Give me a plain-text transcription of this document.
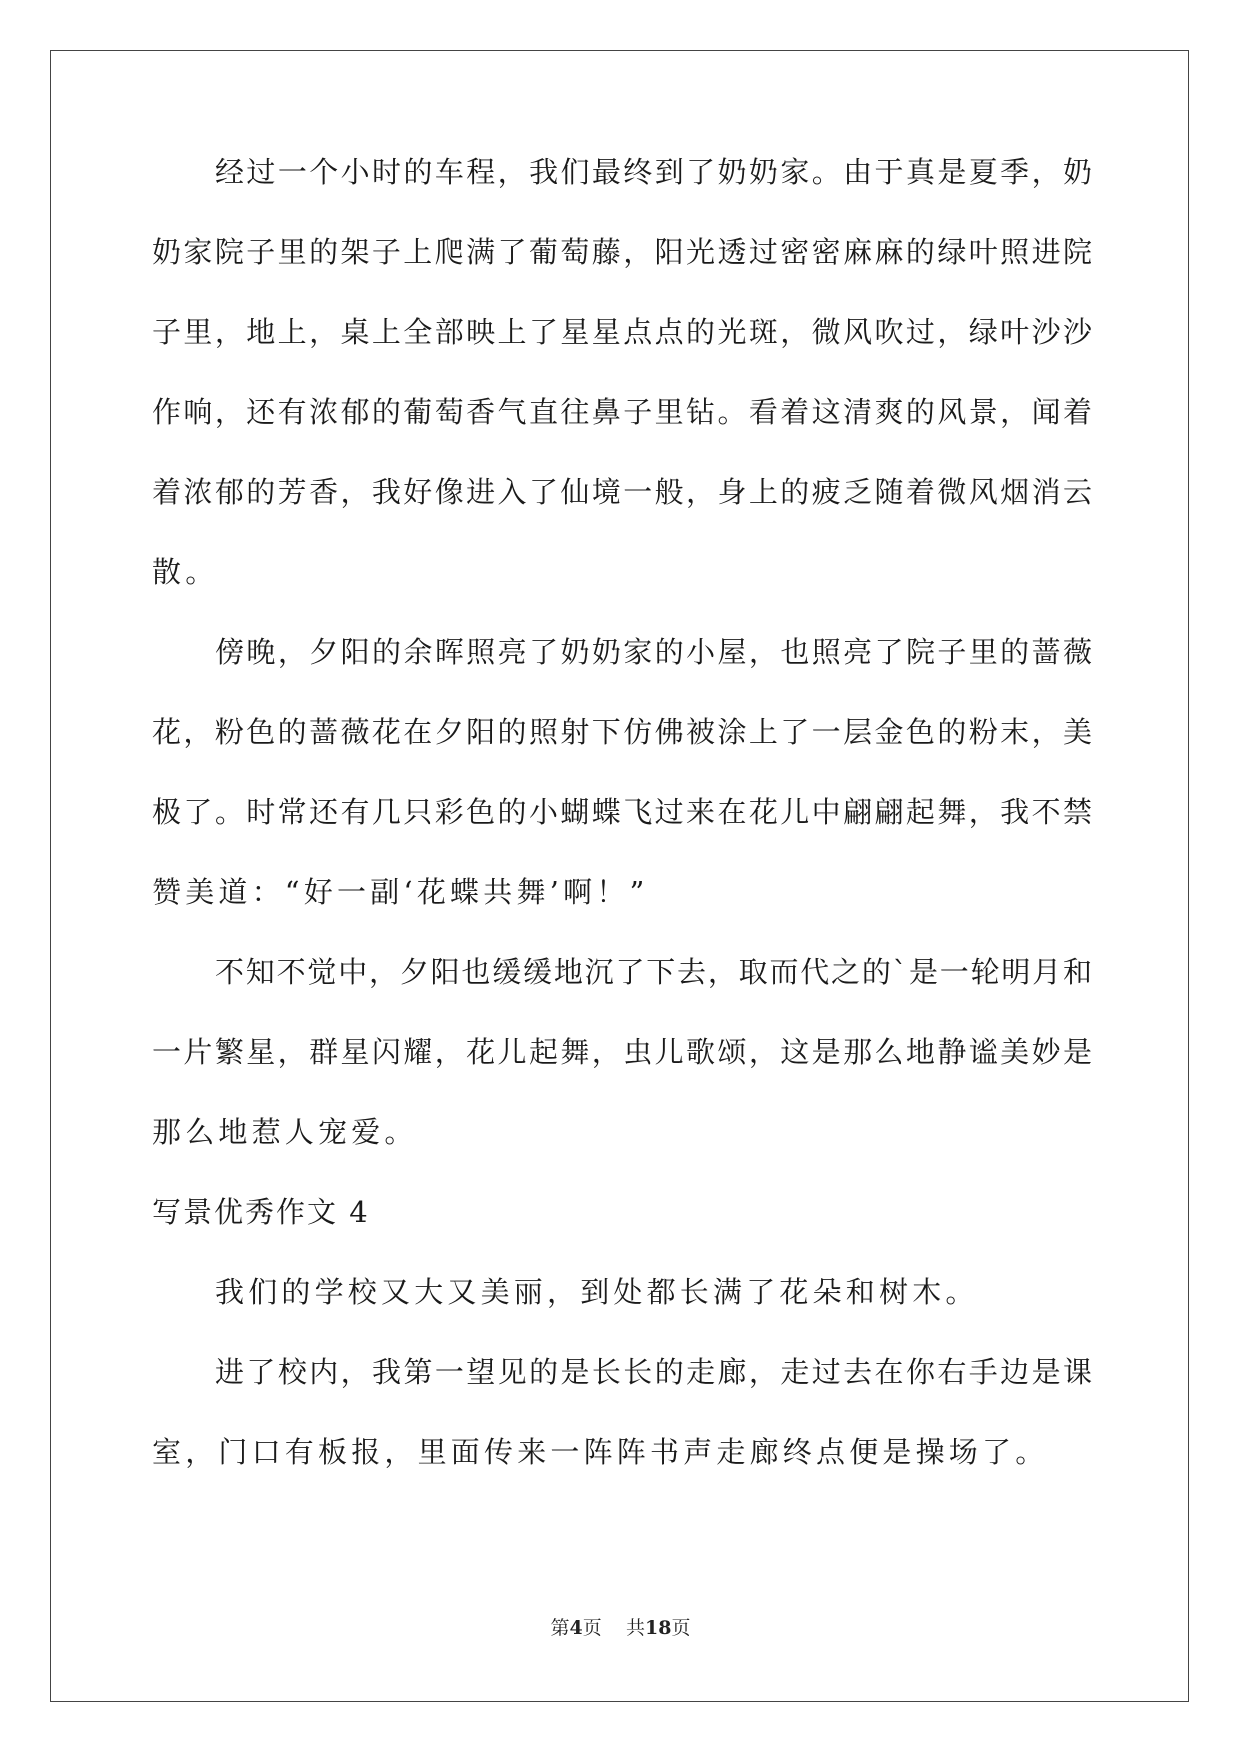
经过一个小时的车程，我们最终到了奶奶家。由于真是夏季，奶
奶家院子里的架子上爬满了葡萄藤，阳光透过密密麻麻的绿叶照进院
子里，地上，桌上全部映上了星星点点的光斑，微风吹过，绿叶沙沙
作响，还有浓郁的葡萄香气直往鼻子里钻。看着这清爽的风景，闻着
着浓郁的芳香，我好像进入了仙境一般，身上的疲乏随着微风烟消云
散。
傍晚，夕阳的余晖照亮了奶奶家的小屋，也照亮了院子里的蔷薇
花，粉色的蔷薇花在夕阳的照射下仿佛被涂上了一层金色的粉末，美
极了。时常还有几只彩色的小蝴蝶飞过来在花儿中翩翩起舞，我不禁
赞美道：“好一副‘花蝶共舞’啊！”
不知不觉中，夕阳也缓缓地沉了下去，取而代之的`是一轮明月和
一片繁星，群星闪耀，花儿起舞，虫儿歌颂，这是那么地静谧美妙是
那么地惹人宠爱。
写景优秀作文 4
我们的学校又大又美丽，到处都长满了花朵和树木。
进了校内，我第一望见的是长长的走廊，走过去在你右手边是课
室，门口有板报，里面传来一阵阵书声走廊终点便是操场了。
第4页 共18页
